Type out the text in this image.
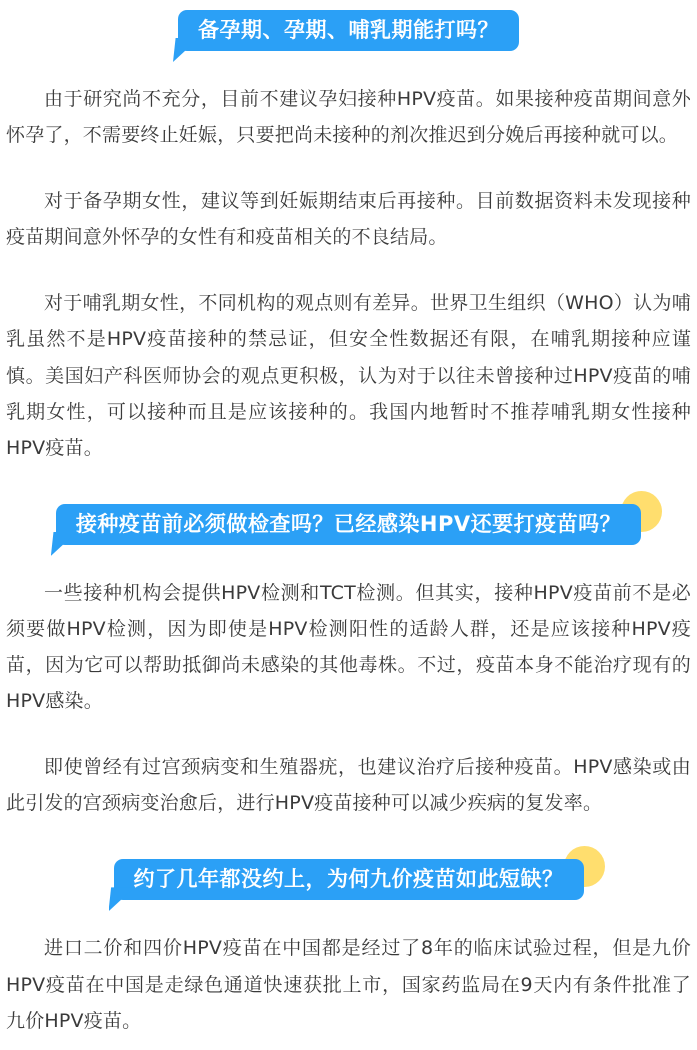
备孕期、孕期、哺乳期能打吗？

由于研究尚不充分，目前不建议孕妇接种HPV疫苗。如果接种疫苗期间意外怀孕了，不需要终止妊娠，只要把尚未接种的剂次推迟到分娩后再接种就可以。

对于备孕期女性，建议等到妊娠期结束后再接种。目前数据资料未发现接种疫苗期间意外怀孕的女性有和疫苗相关的不良结局。

对于哺乳期女性，不同机构的观点则有差异。世界卫生组织（WHO）认为哺乳虽然不是HPV疫苗接种的禁忌证，但安全性数据还有限，在哺乳期接种应谨慎。美国妇产科医师协会的观点更积极，认为对于以往未曾接种过HPV疫苗的哺乳期女性，可以接种而且是应该接种的。我国内地暂时不推荐哺乳期女性接种HPV疫苗。

接种疫苗前必须做检查吗？已经感染HPV还要打疫苗吗？

一些接种机构会提供HPV检测和TCT检测。但其实，接种HPV疫苗前不是必须要做HPV检测，因为即使是HPV检测阳性的适龄人群，还是应该接种HPV疫苗，因为它可以帮助抵御尚未感染的其他毒株。不过，疫苗本身不能治疗现有的HPV感染。

即使曾经有过宫颈病变和生殖器疣，也建议治疗后接种疫苗。HPV感染或由此引发的宫颈病变治愈后，进行HPV疫苗接种可以减少疾病的复发率。

约了几年都没约上，为何九价疫苗如此短缺？

进口二价和四价HPV疫苗在中国都是经过了8年的临床试验过程，但是九价HPV疫苗在中国是走绿色通道快速获批上市，国家药监局在9天内有条件批准了九价HPV疫苗。
